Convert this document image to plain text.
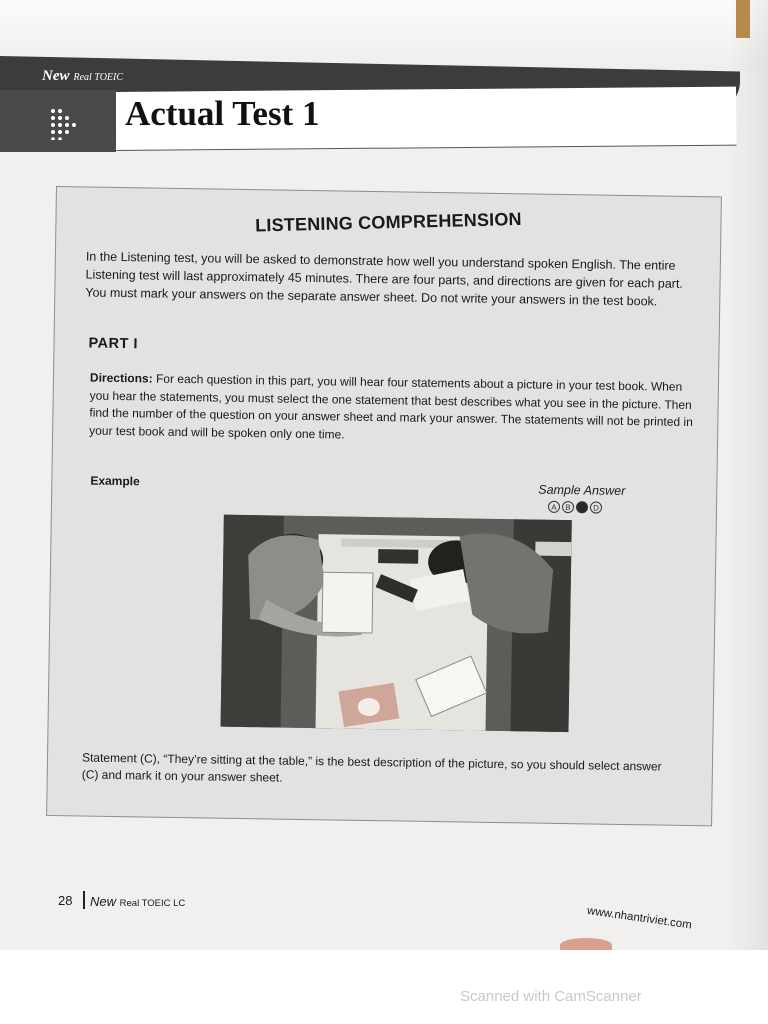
New Real TOEIC
Actual Test 1
LISTENING COMPREHENSION

In the Listening test, you will be asked to demonstrate how well you understand spoken English. The entire Listening test will last approximately 45 minutes. There are four parts, and directions are given for each part. You must mark your answers on the separate answer sheet. Do not write your answers in the test book.

PART I

Directions: For each question in this part, you will hear four statements about a picture in your test book. When you hear the statements, you must select the one statement that best describes what you see in the picture. Then find the number of the question on your answer sheet and mark your answer. The statements will not be printed in your test book and will be spoken only one time.

Example
Sample Answer
A	B	D

Statement (C), “They’re sitting at the table,” is the best description of the picture, so you should select answer (C) and mark it on your answer sheet.

28 New Real TOEIC LC
www.nhantriviet.com
Scanned with CamScanner
